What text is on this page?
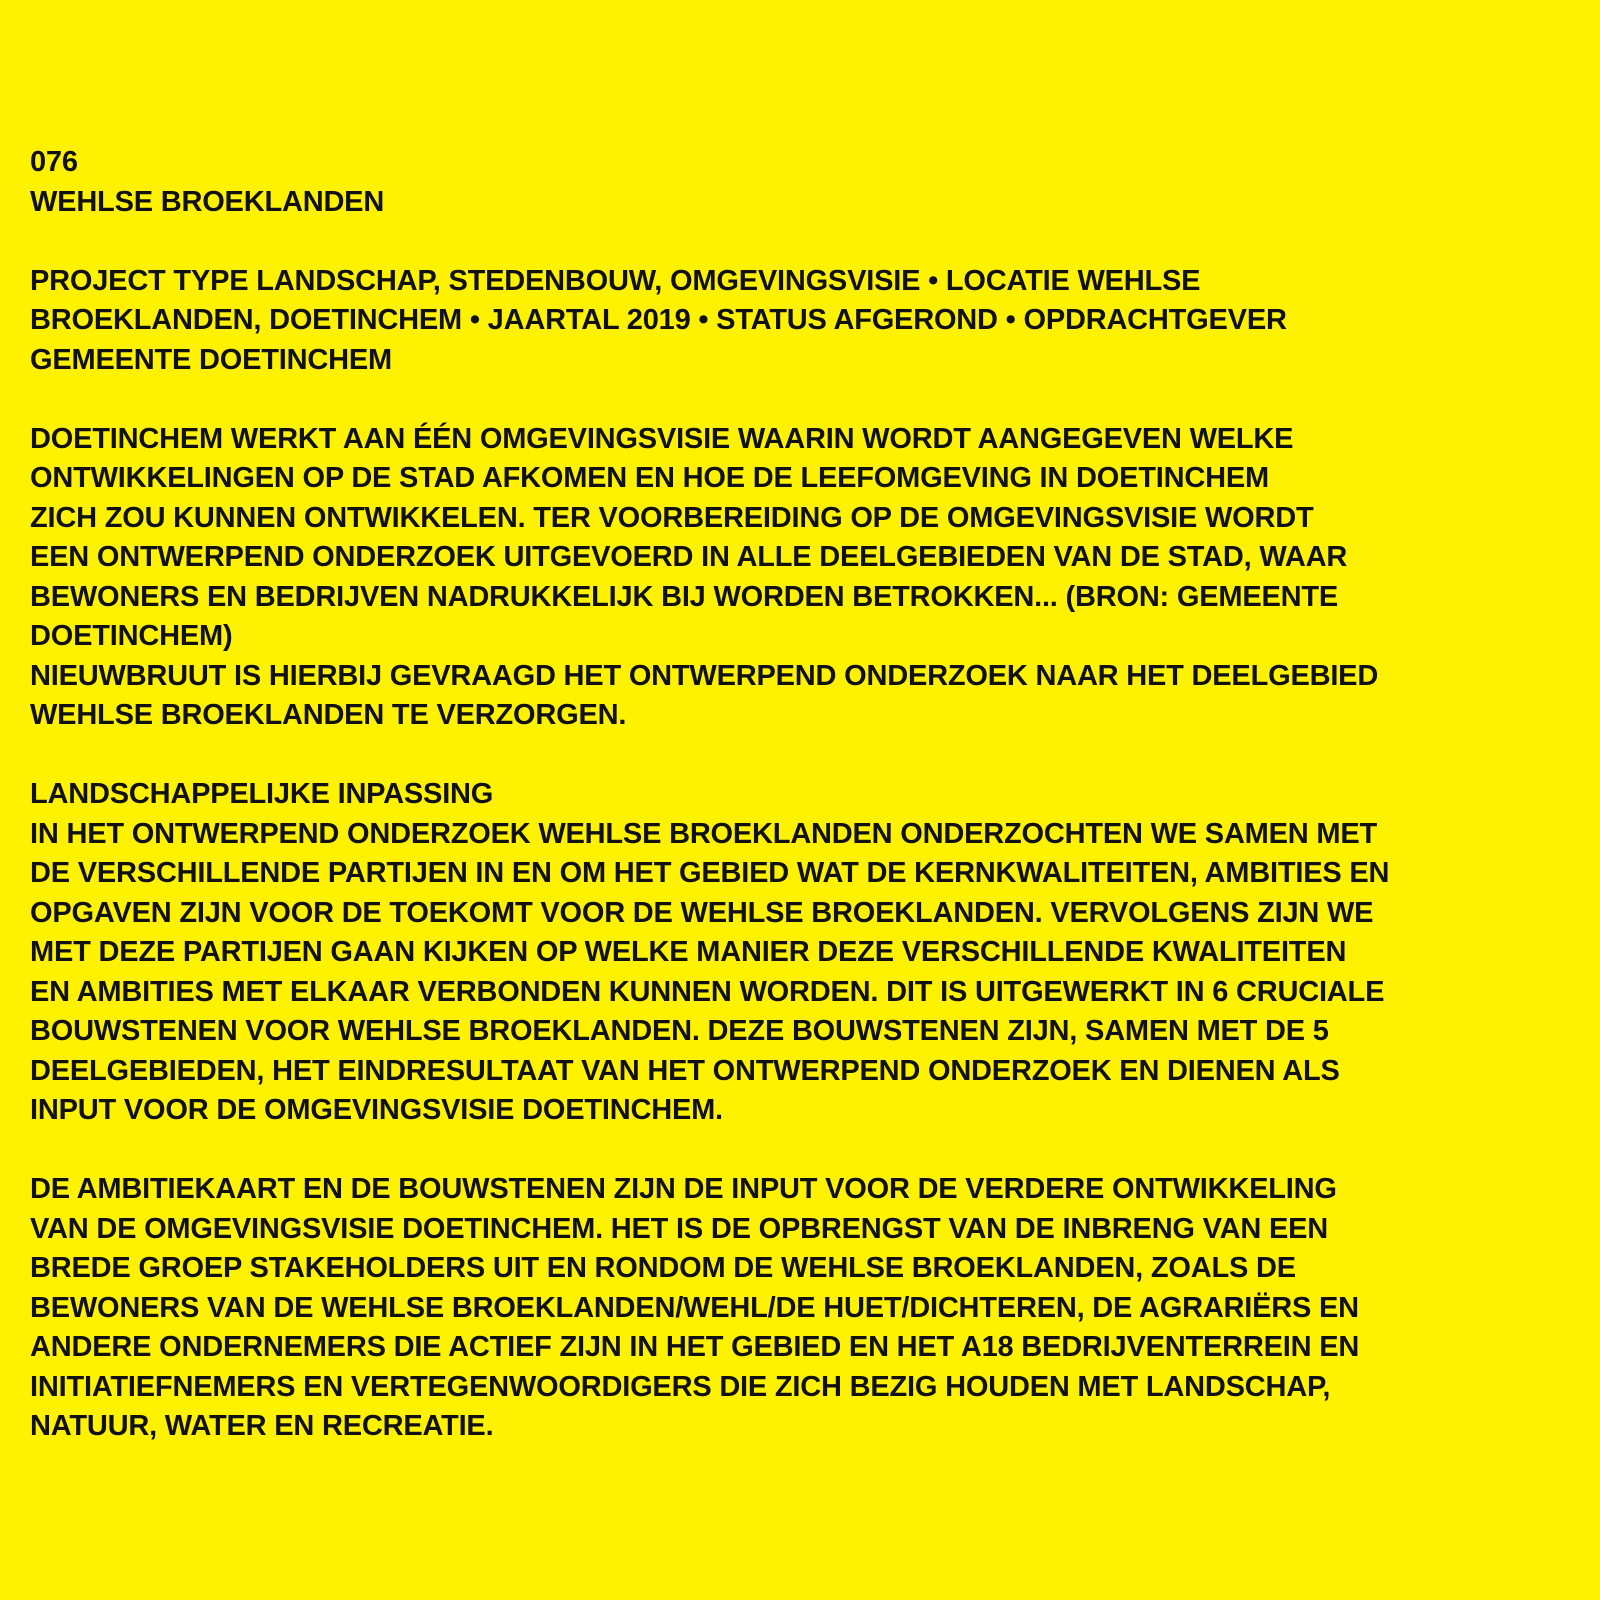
076
WEHLSE BROEKLANDEN
PROJECT TYPE LANDSCHAP, STEDENBOUW, OMGEVINGSVISIE • LOCATIE WEHLSE
BROEKLANDEN, DOETINCHEM • JAARTAL 2019 • STATUS AFGEROND • OPDRACHTGEVER
GEMEENTE DOETINCHEM
DOETINCHEM WERKT AAN ÉÉN OMGEVINGSVISIE WAARIN WORDT AANGEGEVEN WELKE
ONTWIKKELINGEN OP DE STAD AFKOMEN EN HOE DE LEEFOMGEVING IN DOETINCHEM
ZICH ZOU KUNNEN ONTWIKKELEN. TER VOORBEREIDING OP DE OMGEVINGSVISIE WORDT
EEN ONTWERPEND ONDERZOEK UITGEVOERD IN ALLE DEELGEBIEDEN VAN DE STAD, WAAR
BEWONERS EN BEDRIJVEN NADRUKKELIJK BIJ WORDEN BETROKKEN... (BRON: GEMEENTE
DOETINCHEM)
NIEUWBRUUT IS HIERBIJ GEVRAAGD HET ONTWERPEND ONDERZOEK NAAR HET DEELGEBIED
WEHLSE BROEKLANDEN TE VERZORGEN.
LANDSCHAPPELIJKE INPASSING
IN HET ONTWERPEND ONDERZOEK WEHLSE BROEKLANDEN ONDERZOCHTEN WE SAMEN MET
DE VERSCHILLENDE PARTIJEN IN EN OM HET GEBIED WAT DE KERNKWALITEITEN, AMBITIES EN
OPGAVEN ZIJN VOOR DE TOEKOMT VOOR DE WEHLSE BROEKLANDEN. VERVOLGENS ZIJN WE
MET DEZE PARTIJEN GAAN KIJKEN OP WELKE MANIER DEZE VERSCHILLENDE KWALITEITEN
EN AMBITIES MET ELKAAR VERBONDEN KUNNEN WORDEN. DIT IS UITGEWERKT IN 6 CRUCIALE
BOUWSTENEN VOOR WEHLSE BROEKLANDEN. DEZE BOUWSTENEN ZIJN, SAMEN MET DE 5
DEELGEBIEDEN, HET EINDRESULTAAT VAN HET ONTWERPEND ONDERZOEK EN DIENEN ALS
INPUT VOOR DE OMGEVINGSVISIE DOETINCHEM.
DE AMBITIEKAART EN DE BOUWSTENEN ZIJN DE INPUT VOOR DE VERDERE ONTWIKKELING
VAN DE OMGEVINGSVISIE DOETINCHEM. HET IS DE OPBRENGST VAN DE INBRENG VAN EEN
BREDE GROEP STAKEHOLDERS UIT EN RONDOM DE WEHLSE BROEKLANDEN, ZOALS DE
BEWONERS VAN DE WEHLSE BROEKLANDEN/WEHL/DE HUET/DICHTEREN, DE AGRARIËRS EN
ANDERE ONDERNEMERS DIE ACTIEF ZIJN IN HET GEBIED EN HET A18 BEDRIJVENTERREIN EN
INITIATIEFNEMERS EN VERTEGENWOORDIGERS DIE ZICH BEZIG HOUDEN MET LANDSCHAP,
NATUUR, WATER EN RECREATIE.
